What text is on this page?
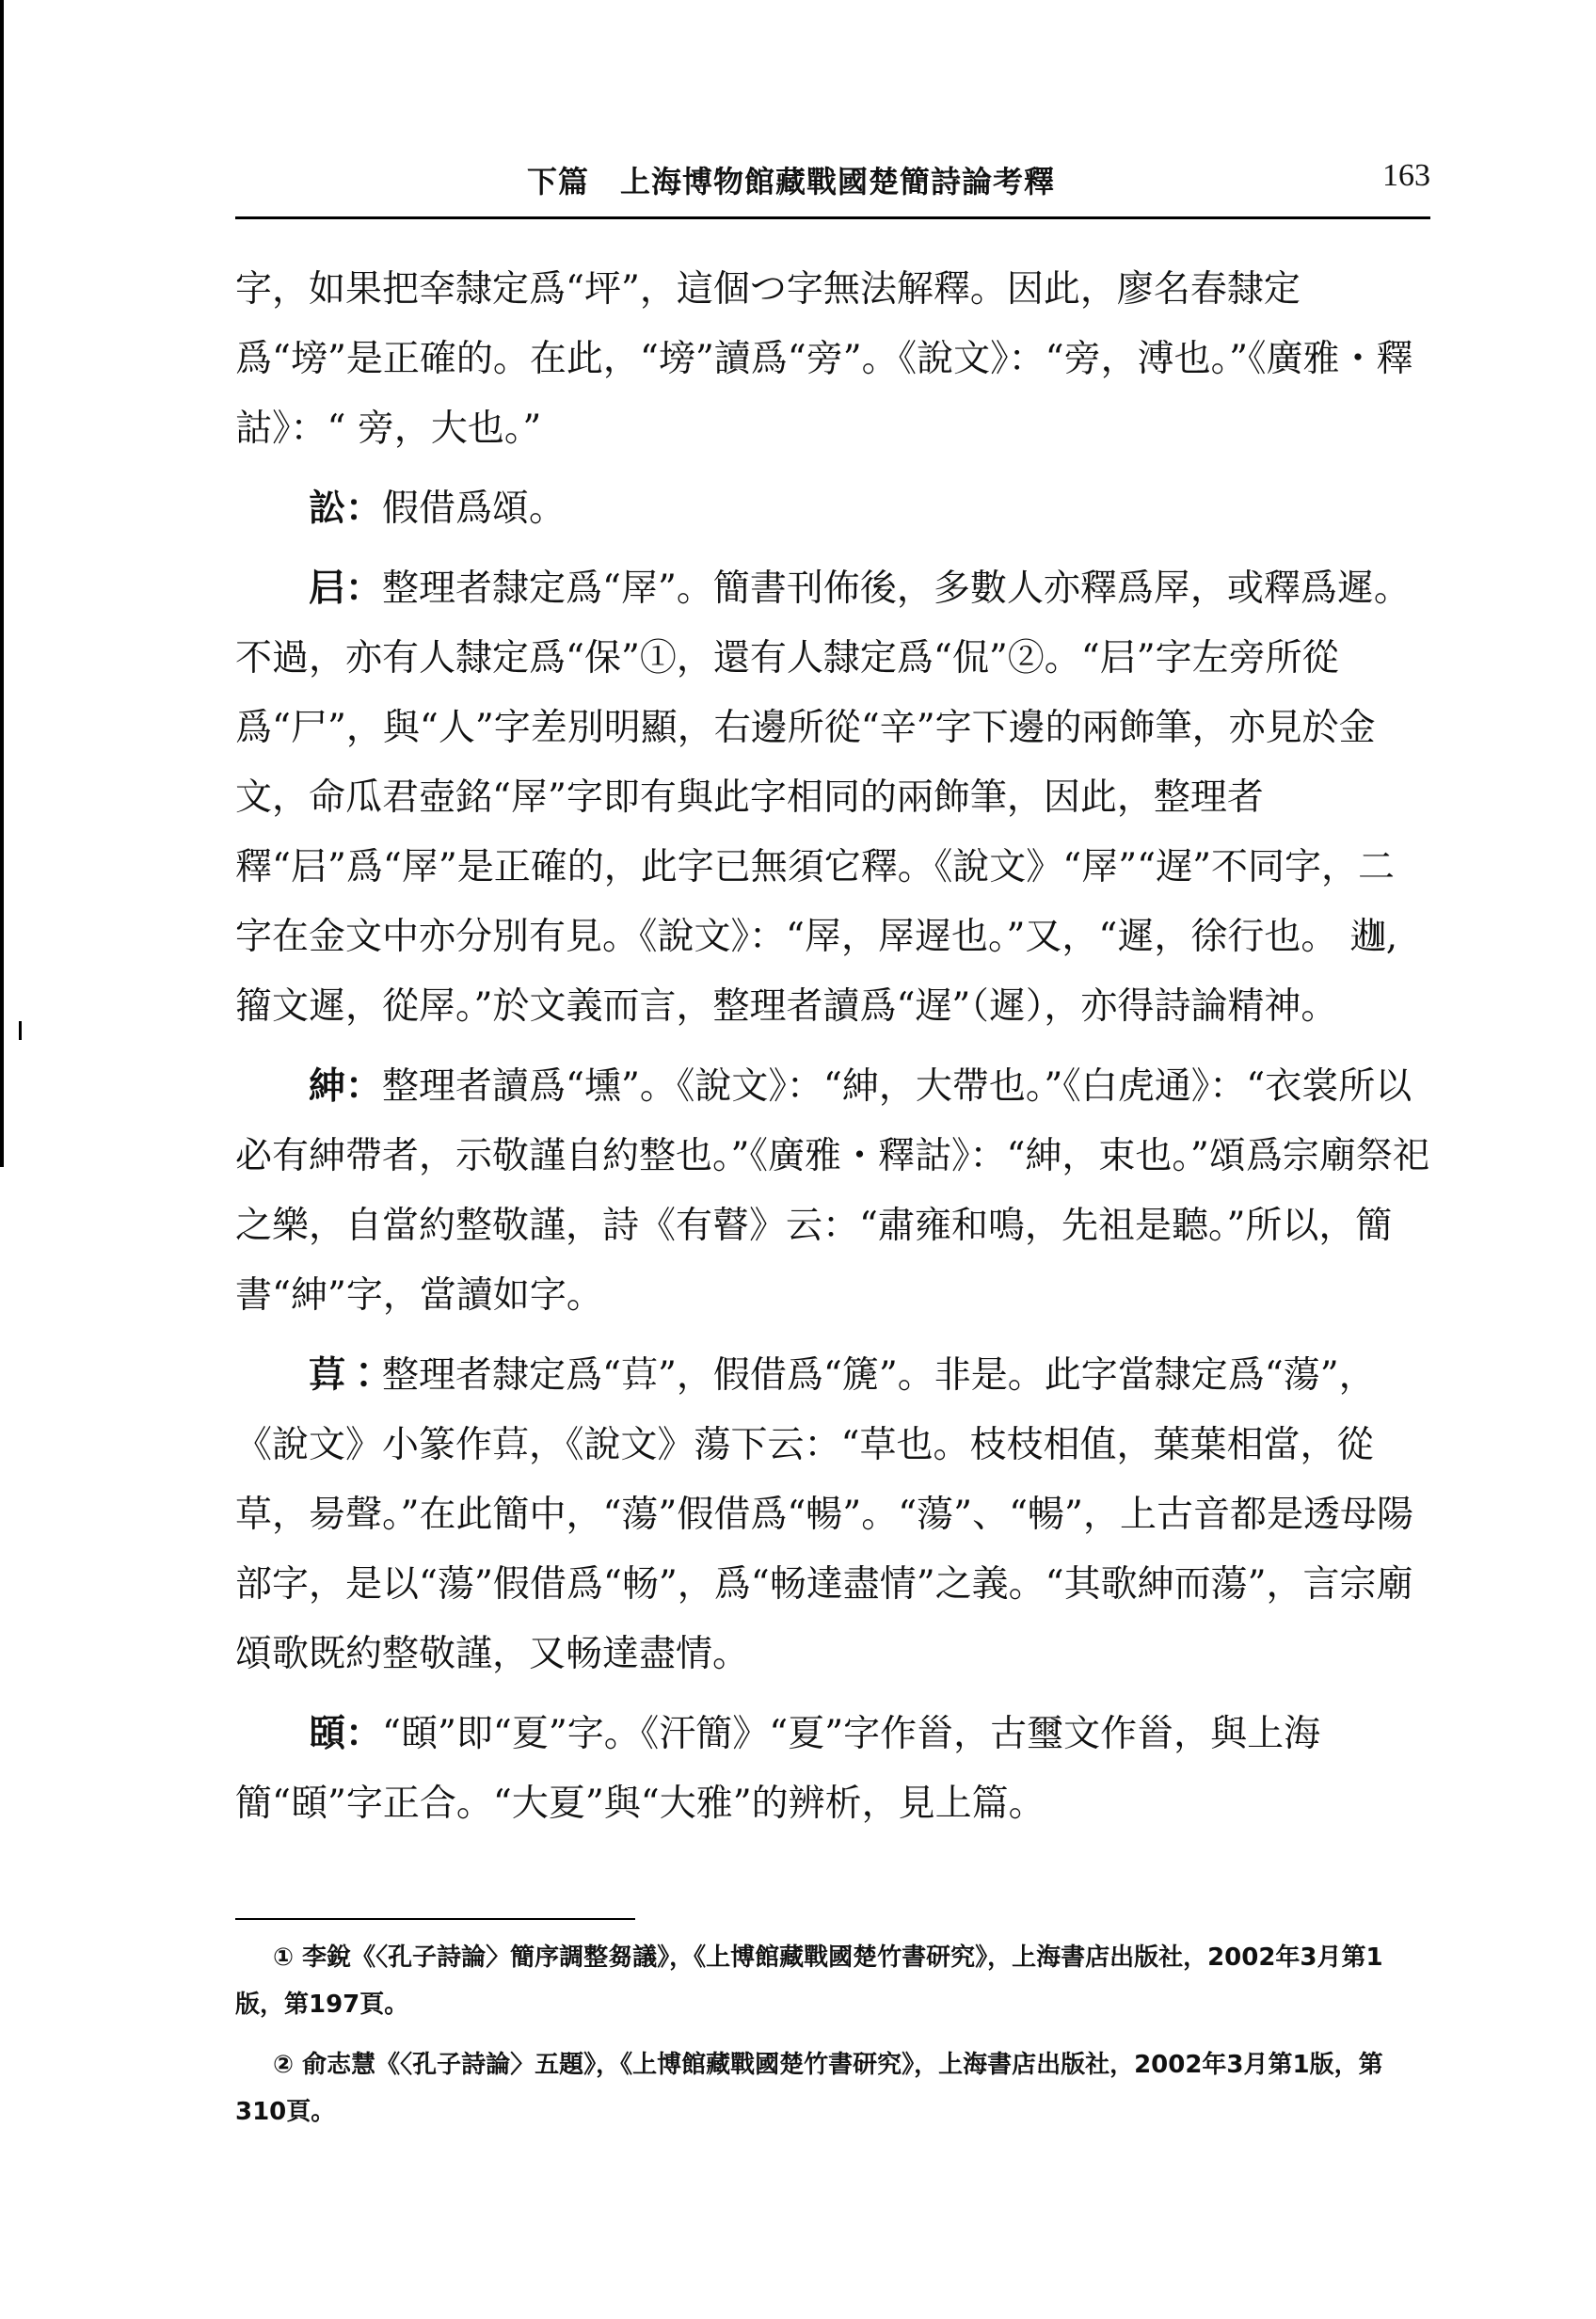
下篇　上海博物館藏戰國楚簡詩論考釋	163

字，如果把㚔隸定爲“坪”，這個つ字無法解釋。因此，廖名春隸定爲“塝”是正確的。在此，“塝”讀爲“旁”。《說文》：“旁，溥也。”《廣雅・釋詁》：“ 旁，大也。”

訟：假借爲頌。

𡰪：整理者隸定爲“屖”。簡書刊佈後，多數人亦釋爲屖，或釋爲遲。不過，亦有人隸定爲“保”①，還有人隸定爲“侃”②。“𡰪”字左旁所從爲“尸”，與“人”字差別明顯，右邊所從“辛”字下邊的兩飾筆，亦見於金文，命瓜君壺銘“屖”字即有與此字相同的兩飾筆，因此，整理者釋“𡰪”爲“屖”是正確的，此字已無須它釋。《說文》“屖”“遅”不同字，二字在金文中亦分別有見。《說文》：“屖，屖遟也。”又，“遲，徐行也。 𨔣,籀文遲，從屖。”於文義而言，整理者讀爲“遅”（遲），亦得詩論精神。

紳：整理者讀爲“壎”。《說文》：“紳，大帶也。”《白虎通》：“衣裳所以必有紳帶者，示敬謹自約整也。”《廣雅・釋詁》：“紳，束也。”頌爲宗廟祭祀之樂，自當約整敬謹，詩《有瞽》云：“肅雍和鳴，先祖是聽。”所以，簡書“紳”字，當讀如字。

𦱤：整理者隸定爲“𦱤”，假借爲“篪”。非是。此字當隸定爲“蕩”，《說文》小篆作𦱤，《說文》蕩下云：“草也。枝枝相值，葉葉相當，從草，昜聲。”在此簡中，“蕩”假借爲“暢”。“蕩”、“暢”，上古音都是透母陽部字，是以“蕩”假借爲“畅”，爲“畅達盡情”之義。“其歌紳而蕩”，言宗廟頌歌既約整敬謹，又畅達盡情。

頣：“頣”即“夏”字。《汗簡》“夏”字作𩠐，古璽文作𩠐，與上海簡“頣”字正合。“大夏”與“大雅”的辨析，見上篇。

① 李銳《〈孔子詩論〉簡序調整芻議》，《上博館藏戰國楚竹書研究》，上海書店出版社，2002年3月第1版，第197頁。

② 俞志慧《〈孔子詩論〉五題》，《上博館藏戰國楚竹書研究》，上海書店出版社，2002年3月第1版，第310頁。
